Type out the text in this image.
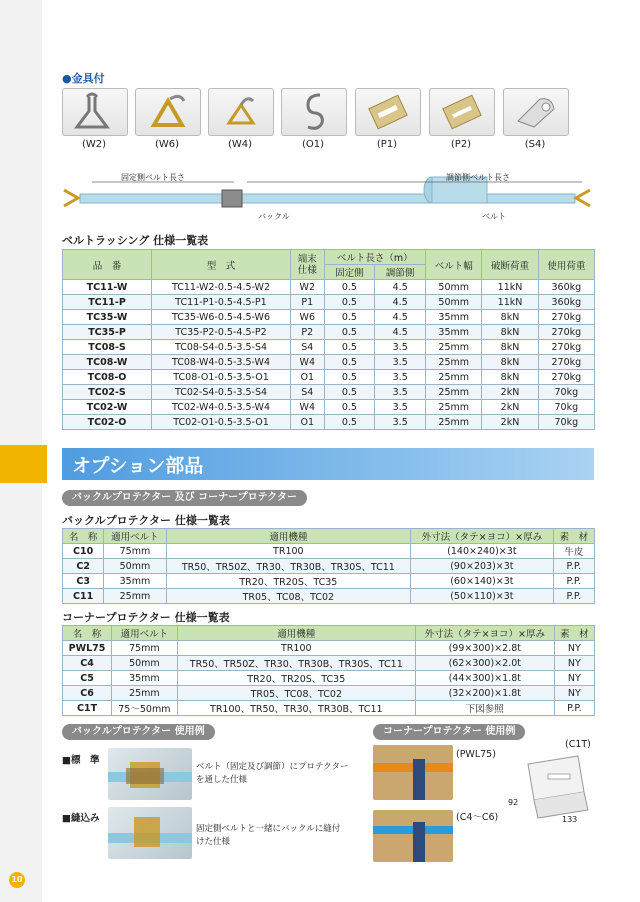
10
●金具付
(W2)	(W6)	(W4)	(O1)	(P1)	(P2)	(S4)
固定側ベルト長さ	調節側ベルト長さ
バックル	ベルト
ベルトラッシング 仕様一覧表
品　番	型　式	端末
仕様	ベルト長さ（m）		ベルト幅	破断荷重	使用荷重
			固定側	調節側			
TC11-W	TC11-W2-0.5-4.5-W2	W2	0.5	4.5	50mm	11kN	360kg
TC11-P	TC11-P1-0.5-4.5-P1	P1	0.5	4.5	50mm	11kN	360kg
TC35-W	TC35-W6-0.5-4.5-W6	W6	0.5	4.5	35mm	8kN	270kg
TC35-P	TC35-P2-0.5-4.5-P2	P2	0.5	4.5	35mm	8kN	270kg
TC08-S	TC08-S4-0.5-3.5-S4	S4	0.5	3.5	25mm	8kN	270kg
TC08-W	TC08-W4-0.5-3.5-W4	W4	0.5	3.5	25mm	8kN	270kg
TC08-O	TC08-O1-0.5-3.5-O1	O1	0.5	3.5	25mm	8kN	270kg
TC02-S	TC02-S4-0.5-3.5-S4	S4	0.5	3.5	25mm	2kN	70kg
TC02-W	TC02-W4-0.5-3.5-W4	W4	0.5	3.5	25mm	2kN	70kg
TC02-O	TC02-O1-0.5-3.5-O1	O1	0.5	3.5	25mm	2kN	70kg
オプション部品
バックルプロテクター 及び コーナープロテクター
バックルプロテクター 仕様一覧表
名　称	適用ベルト	適用機種	外寸法（タテ×ヨコ）×厚み	素　材
C10	75mm	TR100	(140×240)×3t	牛皮
C2	50mm	TR50、TR50Z、TR30、TR30B、TR30S、TC11	(90×203)×3t	P.P.
C3	35mm	TR20、TR20S、TC35	(60×140)×3t	P.P.
C11	25mm	TR05、TC08、TC02	(50×110)×3t	P.P.
コーナープロテクター 仕様一覧表
名　称	適用ベルト	適用機種	外寸法（タテ×ヨコ）×厚み	素　材
PWL75	75mm	TR100	(99×300)×2.8t	NY
C4	50mm	TR50、TR50Z、TR30、TR30B、TR30S、TC11	(62×300)×2.0t	NY
C5	35mm	TR20、TR20S、TC35	(44×300)×1.8t	NY
C6	25mm	TR05、TC08、TC02	(32×200)×1.8t	NY
C1T	75～50mm	TR100、TR50、TR30、TR30B、TC11	下図参照	P.P.
バックルプロテクター 使用例	コーナープロテクター 使用例
■標　準
ベルト（固定及び調節）にプロテクター
を通した仕様
■縫込み
固定側ベルトと一緒にバックルに縫付
けた仕様
(PWL75)
(C4～C6)
(C1T)
92
133
